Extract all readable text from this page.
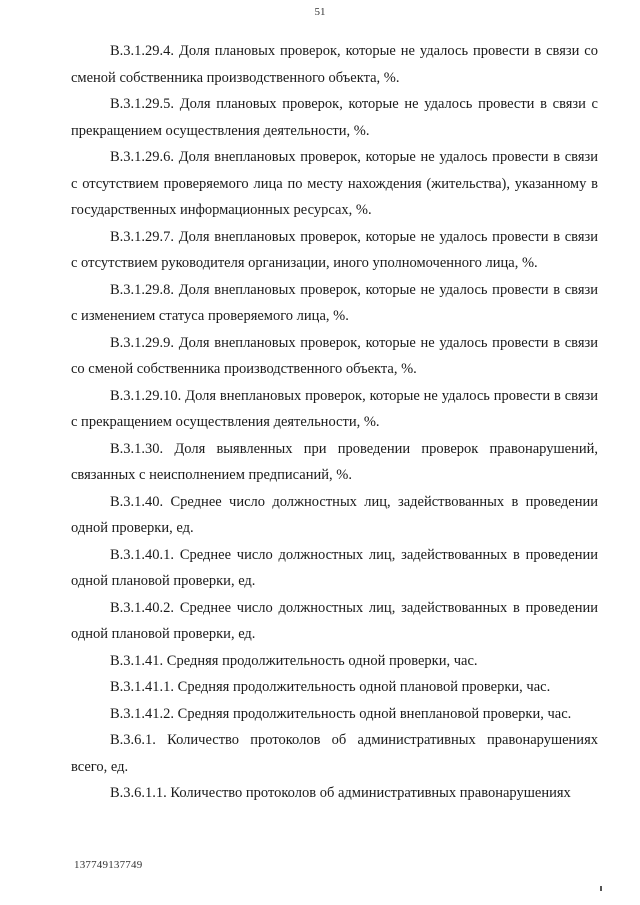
51

В.3.1.29.4. Доля плановых проверок, которые не удалось провести в связи со сменой собственника производственного объекта, %.

В.3.1.29.5. Доля плановых проверок, которые не удалось провести в связи с прекращением осуществления деятельности, %.

В.3.1.29.6. Доля внеплановых проверок, которые не удалось провести в связи с отсутствием проверяемого лица по месту нахождения (жительства), указанному в государственных информационных ресурсах, %.

В.3.1.29.7. Доля внеплановых проверок, которые не удалось провести в связи с отсутствием руководителя организации, иного уполномоченного лица, %.

В.3.1.29.8. Доля внеплановых проверок, которые не удалось провести в связи с изменением статуса проверяемого лица, %.

В.3.1.29.9. Доля внеплановых проверок, которые не удалось провести в связи со сменой собственника производственного объекта, %.

В.3.1.29.10. Доля внеплановых проверок, которые не удалось провести в связи с прекращением осуществления деятельности, %.

В.3.1.30. Доля выявленных при проведении проверок правонарушений, связанных с неисполнением предписаний, %.

В.3.1.40. Среднее число должностных лиц, задействованных в проведении одной проверки, ед.

В.3.1.40.1. Среднее число должностных лиц, задействованных в проведении одной плановой проверки, ед.

В.3.1.40.2. Среднее число должностных лиц, задействованных в проведении одной плановой проверки, ед.

В.3.1.41. Средняя продолжительность одной проверки, час.

В.3.1.41.1. Средняя продолжительность одной плановой проверки, час.

В.3.1.41.2. Средняя продолжительность одной внеплановой проверки, час.

В.3.6.1. Количество протоколов об административных правонарушениях всего, ед.

В.3.6.1.1. Количество протоколов об административных правонарушениях

137749137749
